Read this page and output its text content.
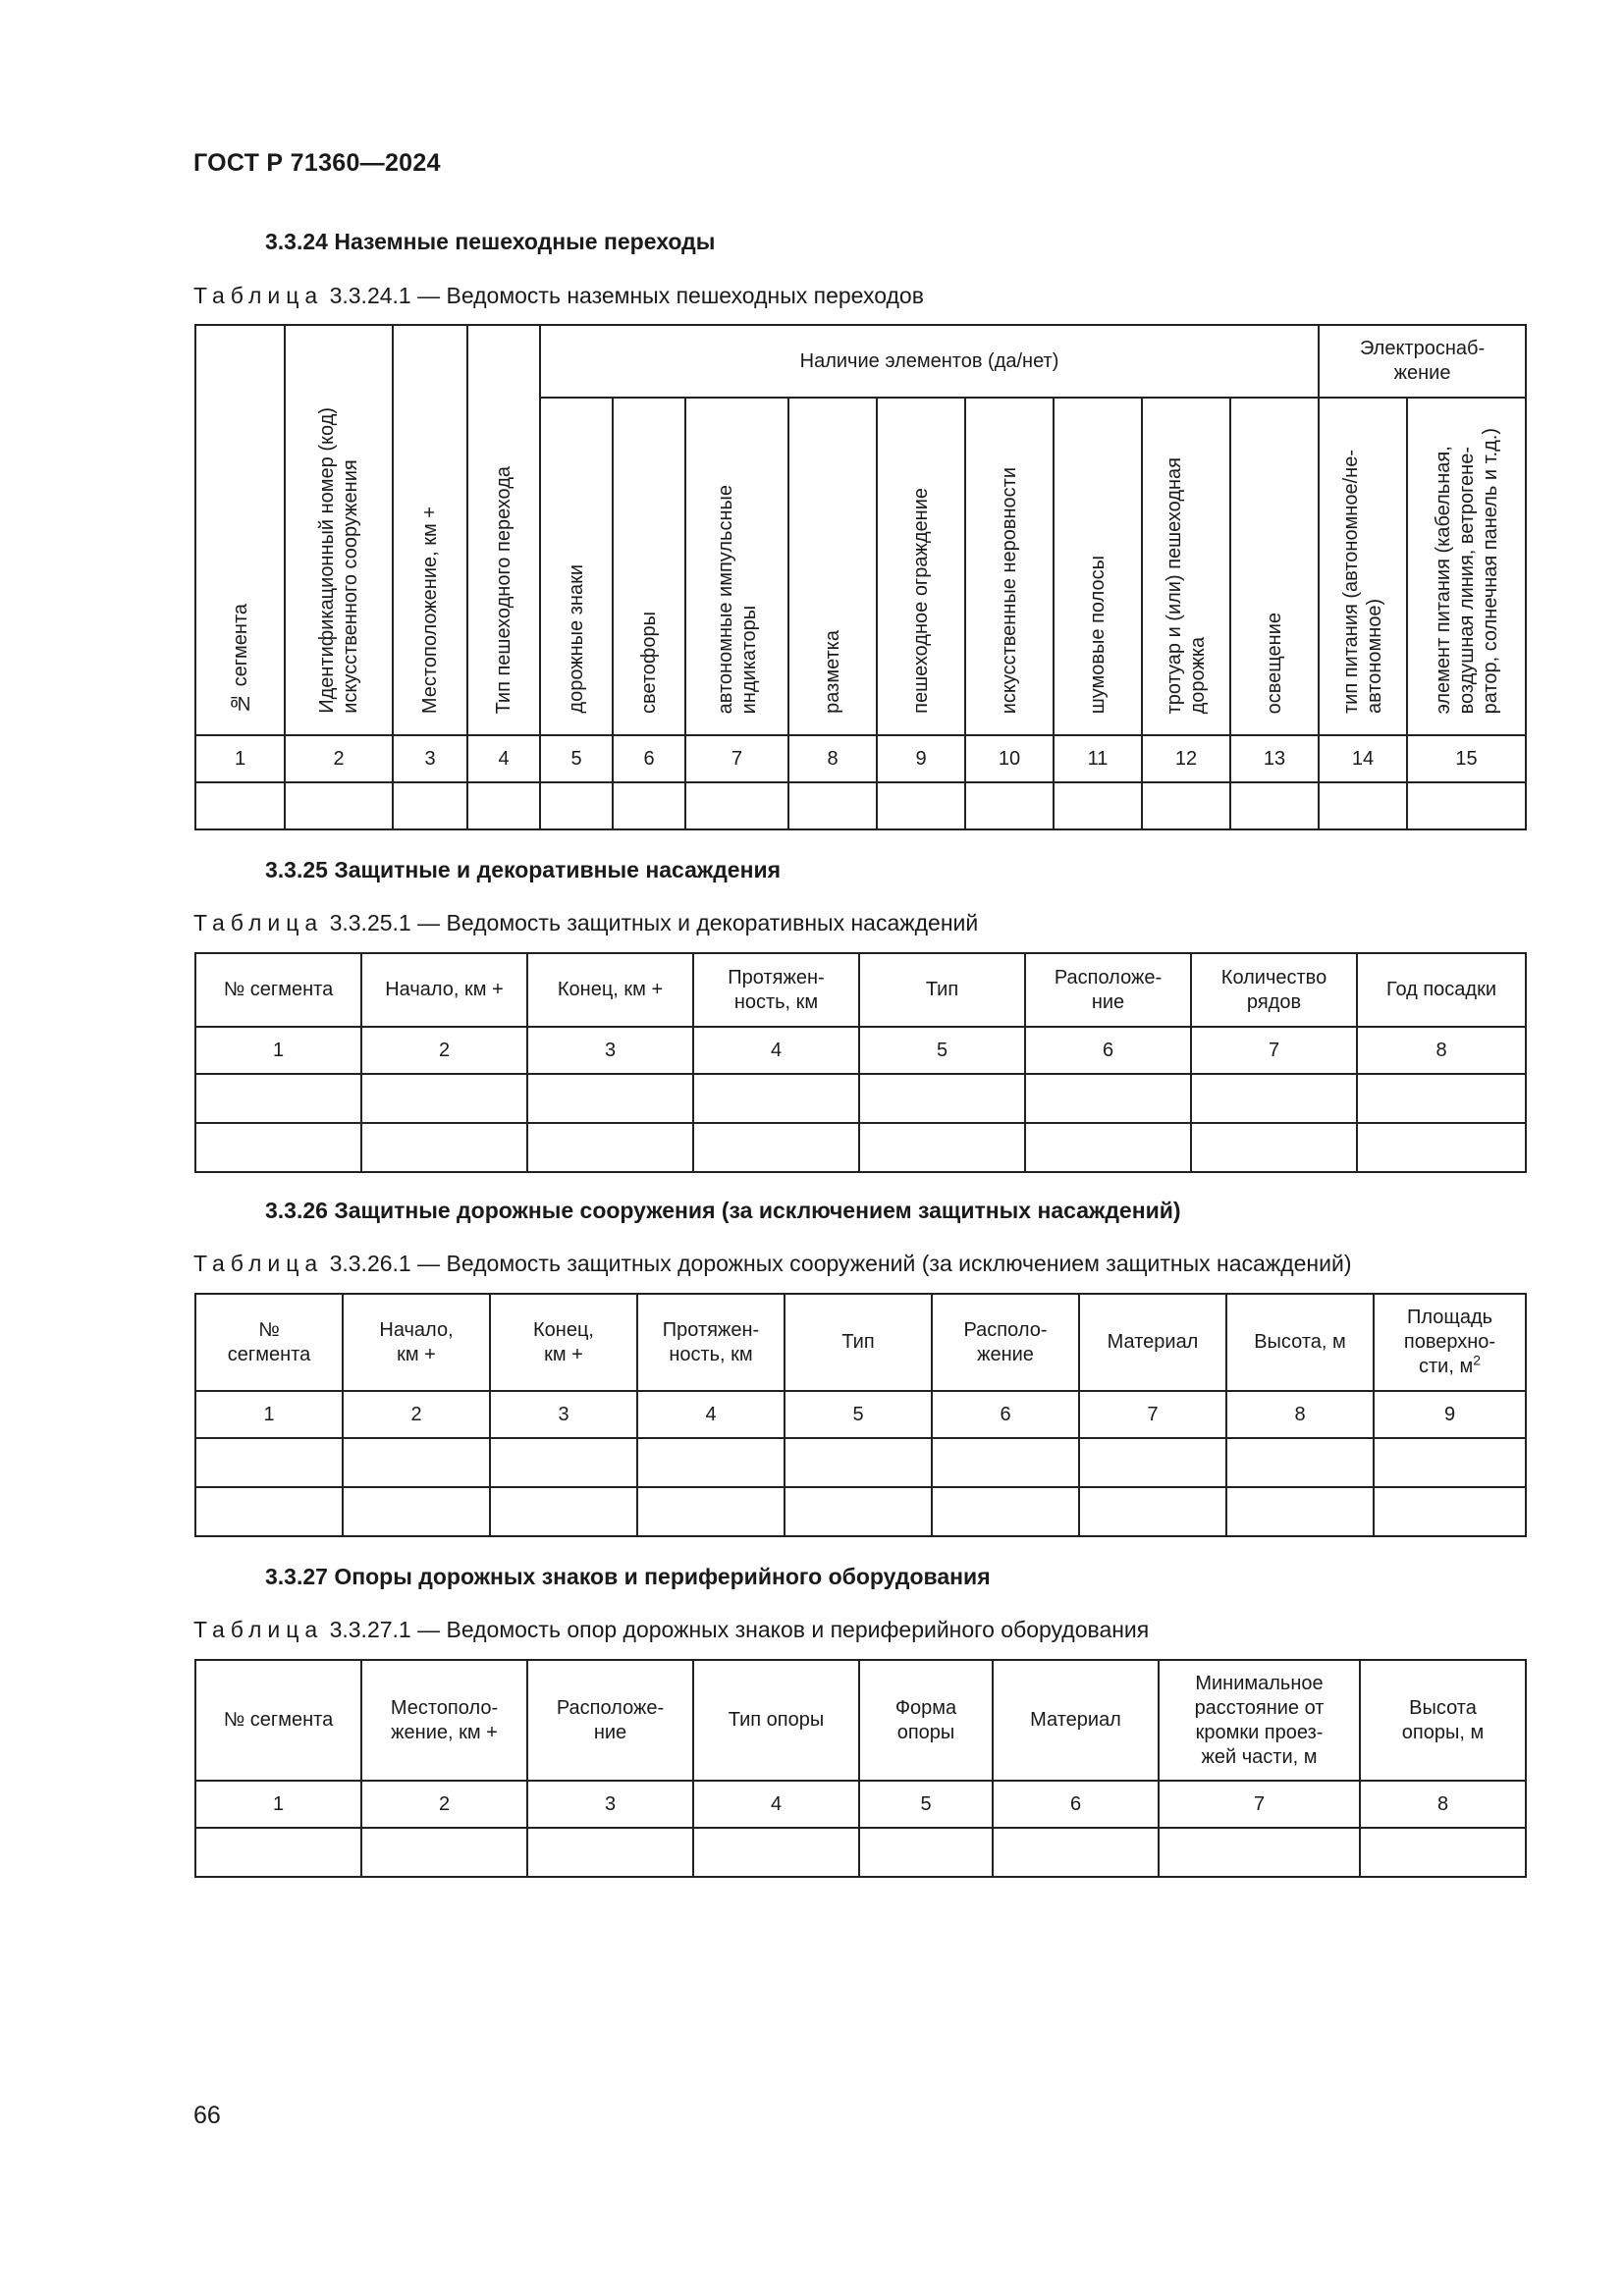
ГОСТ Р 71360—2024
3.3.24 Наземные пешеходные переходы
Таблица 3.3.24.1 — Ведомость наземных пешеходных переходов
№ сегмента	Идентификационный номер (код)
искусственного сооружения	Местоположение, км +	Тип пешеходного перехода	Наличие элементов (да/нет)									Электроснаб-
жение	
				дорожные знаки	светофоры	автономные импульсные
индикаторы	разметка	пешеходное ограждение	искусственные неровности	шумовые полосы	тротуар и (или) пешеходная
дорожка	освещение	тип питания (автономное/не-
автономное)	элемент питания (кабельная,
воздушная линия, ветрогене-
ратор, солнечная панель и т.д.)
1	2	3	4	5	6	7	8	9	10	11	12	13	14	15

3.3.25 Защитные и декоративные насаждения
Таблица 3.3.25.1 — Ведомость защитных и декоративных насаждений
№ сегмента	Начало, км +	Конец, км +	Протяжен-
ность, км	Тип	Расположе-
ние	Количество
рядов	Год посадки
1	2	3	4	5	6	7	8

3.3.26 Защитные дорожные сооружения (за исключением защитных насаждений)
Таблица 3.3.26.1 — Ведомость защитных дорожных сооружений (за исключением защитных насаждений)
№
сегмента	Начало,
км +	Конец,
км +	Протяжен-
ность, км	Тип	Располо-
жение	Материал	Высота, м	Площадь
поверхно-
сти, $м^2$
1	2	3	4	5	6	7	8	9

3.3.27 Опоры дорожных знаков и периферийного оборудования
Таблица 3.3.27.1 — Ведомость опор дорожных знаков и периферийного оборудования
№ сегмента	Местополо-
жение, км +	Расположе-
ние	Тип опоры	Форма
опоры	Материал	Минимальное
расстояние от
кромки проез-
жей части, м	Высота
опоры, м
1	2	3	4	5	6	7	8

66
